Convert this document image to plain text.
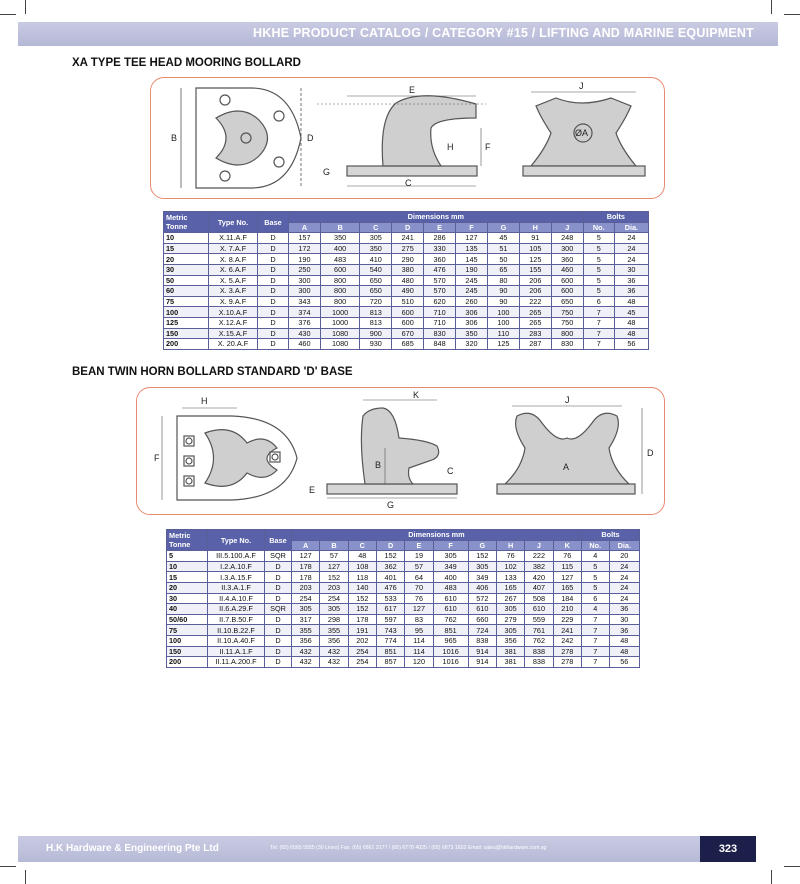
HKHE PRODUCT CATALOG / CATEGORY #15 / LIFTING AND MARINE EQUIPMENT
XA TYPE TEE HEAD MOORING BOLLARD
B	D
E
H	F
G
C
J
ØA
Metric Tonne	Type No.	Base	Dimensions mm									Bolts	
			A	B	C	D	E	F	G	H	J	No.	Dia.
10	X.11.A.F	D	157	350	305	241	286	127	45	91	248	5	24
15	X. 7.A.F	D	172	400	350	275	330	135	51	105	300	5	24
20	X. 8.A.F	D	190	483	410	290	360	145	50	125	360	5	24
30	X. 6.A.F	D	250	600	540	380	476	190	65	155	460	5	30
50	X. 5.A.F	D	300	800	650	480	570	245	80	206	600	5	36
60	X. 3.A.F	D	300	800	650	490	570	245	90	206	600	5	36
75	X. 9.A.F	D	343	800	720	510	620	260	90	222	650	6	48
100	X.10.A.F	D	374	1000	813	600	710	306	100	265	750	7	45
125	X.12.A.F	D	376	1000	813	600	710	306	100	265	750	7	48
150	X.15.A.F	D	430	1080	900	670	830	350	110	283	800	7	48
200	X. 20.A.F	D	460	1080	930	685	848	320	125	287	830	7	56
BEAN TWIN HORN BOLLARD STANDARD 'D' BASE
H
F
K
B
C
E
G
J
D
A
Metric Tonne	Type No.	Base	Dimensions mm										Bolts	
			A	B	C	D	E	F	G	H	J	K	No.	Dia.
5	III.5.100.A.F	SQR	127	57	48	152	19	305	152	76	222	76	4	20
10	I.2.A.10.F	D	178	127	108	362	57	349	305	102	382	115	5	24
15	I.3.A.15.F	D	178	152	118	401	64	400	349	133	420	127	5	24
20	II.3.A.1.F	D	203	203	140	476	70	483	406	165	407	165	5	24
30	II.4.A.10.F	D	254	254	152	533	76	610	572	267	508	184	6	24
40	II.6.A.29.F	SQR	305	305	152	617	127	610	610	305	610	210	4	36
50/60	II.7.B.50.F	D	317	298	178	597	83	762	660	279	559	229	7	30
75	II.10.B.22.F	D	355	355	191	743	95	851	724	305	761	241	7	36
100	II.10.A.40.F	D	356	356	202	774	114	965	838	356	762	242	7	48
150	II.11.A.1.F	D	432	432	254	851	114	1016	914	381	838	278	7	48
200	II.11.A.200.F	D	432	432	254	857	120	1016	914	381	838	278	7	56
H.K Hardware & Engineering Pte Ltd	Tel: (65) 6565 5555 (30 Lines) Fax: (65) 6861 3177 / (65) 6778 4025 / (65) 6873 1602 Email: sales@hkhardware.com.sg	323
